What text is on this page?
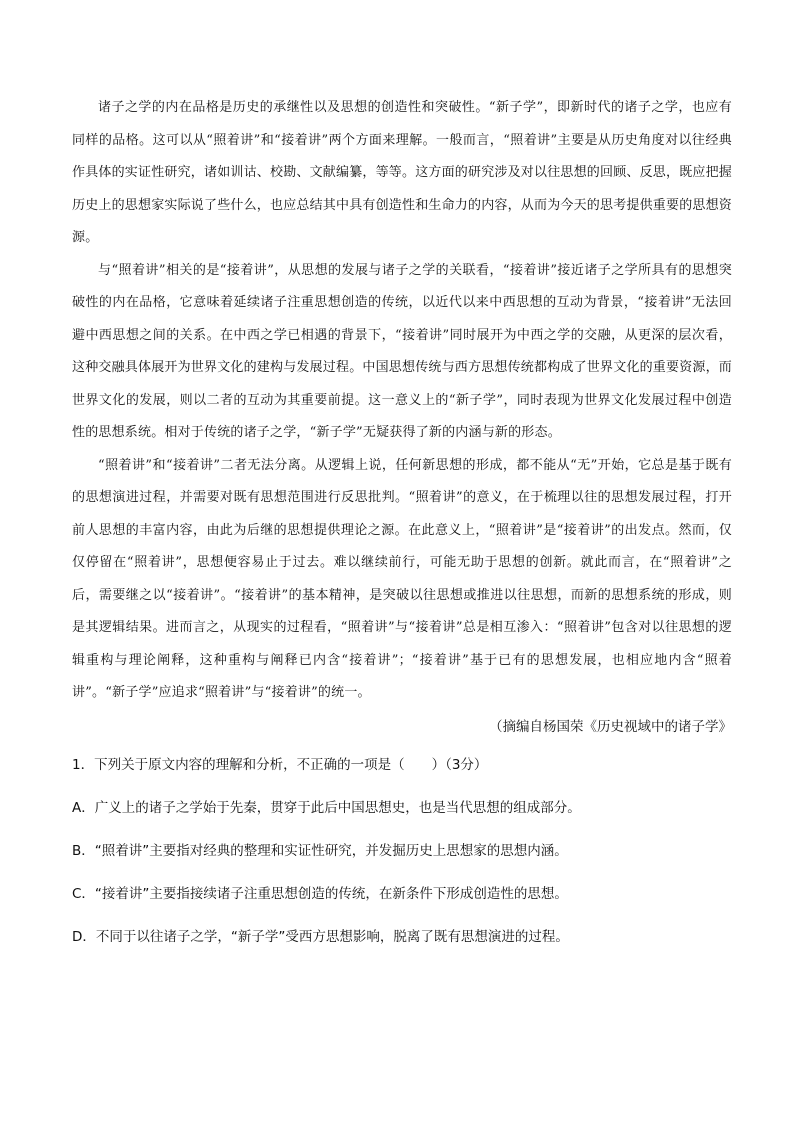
诸子之学的内在品格是历史的承继性以及思想的创造性和突破性。“新子学”，即新时代的诸子之学，也应有同样的品格。这可以从“照着讲”和“接着讲”两个方面来理解。一般而言，“照着讲”主要是从历史角度对以往经典作具体的实证性研究，诸如训诂、校勘、文献编纂，等等。这方面的研究涉及对以往思想的回顾、反思，既应把握历史上的思想家实际说了些什么，也应总结其中具有创造性和生命力的内容，从而为今天的思考提供重要的思想资源。

与“照着讲”相关的是“接着讲”，从思想的发展与诸子之学的关联看，“接着讲”接近诸子之学所具有的思想突破性的内在品格，它意味着延续诸子注重思想创造的传统，以近代以来中西思想的互动为背景，“接着讲”无法回避中西思想之间的关系。在中西之学已相遇的背景下，“接着讲”同时展开为中西之学的交融，从更深的层次看，这种交融具体展开为世界文化的建构与发展过程。中国思想传统与西方思想传统都构成了世界文化的重要资源，而世界文化的发展，则以二者的互动为其重要前提。这一意义上的“新子学”，同时表现为世界文化发展过程中创造性的思想系统。相对于传统的诸子之学，“新子学”无疑获得了新的内涵与新的形态。

“照着讲”和“接着讲”二者无法分离。从逻辑上说，任何新思想的形成，都不能从“无”开始，它总是基于既有的思想演进过程，并需要对既有思想范围进行反思批判。“照着讲”的意义，在于梳理以往的思想发展过程，打开前人思想的丰富内容，由此为后继的思想提供理论之源。在此意义上，“照着讲”是“接着讲”的出发点。然而，仅仅停留在“照着讲”，思想便容易止于过去。难以继续前行，可能无助于思想的创新。就此而言，在“照着讲”之后，需要继之以“接着讲”。“接着讲”的基本精神，是突破以往思想或推进以往思想，而新的思想系统的形成，则是其逻辑结果。进而言之，从现实的过程看，“照着讲”与“接着讲”总是相互渗入：“照着讲”包含对以往思想的逻辑重构与理论阐释，这种重构与阐释已内含“接着讲”；“接着讲”基于已有的思想发展，也相应地内含“照着讲”。“新子学”应追求“照着讲”与“接着讲”的统一。

（摘编自杨国荣《历史视域中的诸子学》

1．下列关于原文内容的理解和分析，不正确的一项是（　　）（3分）

A．广义上的诸子之学始于先秦，贯穿于此后中国思想史，也是当代思想的组成部分。

B．“照着讲”主要指对经典的整理和实证性研究，并发掘历史上思想家的思想内涵。

C．“接着讲”主要指接续诸子注重思想创造的传统，在新条件下形成创造性的思想。

D．不同于以往诸子之学，“新子学”受西方思想影响，脱离了既有思想演进的过程。
